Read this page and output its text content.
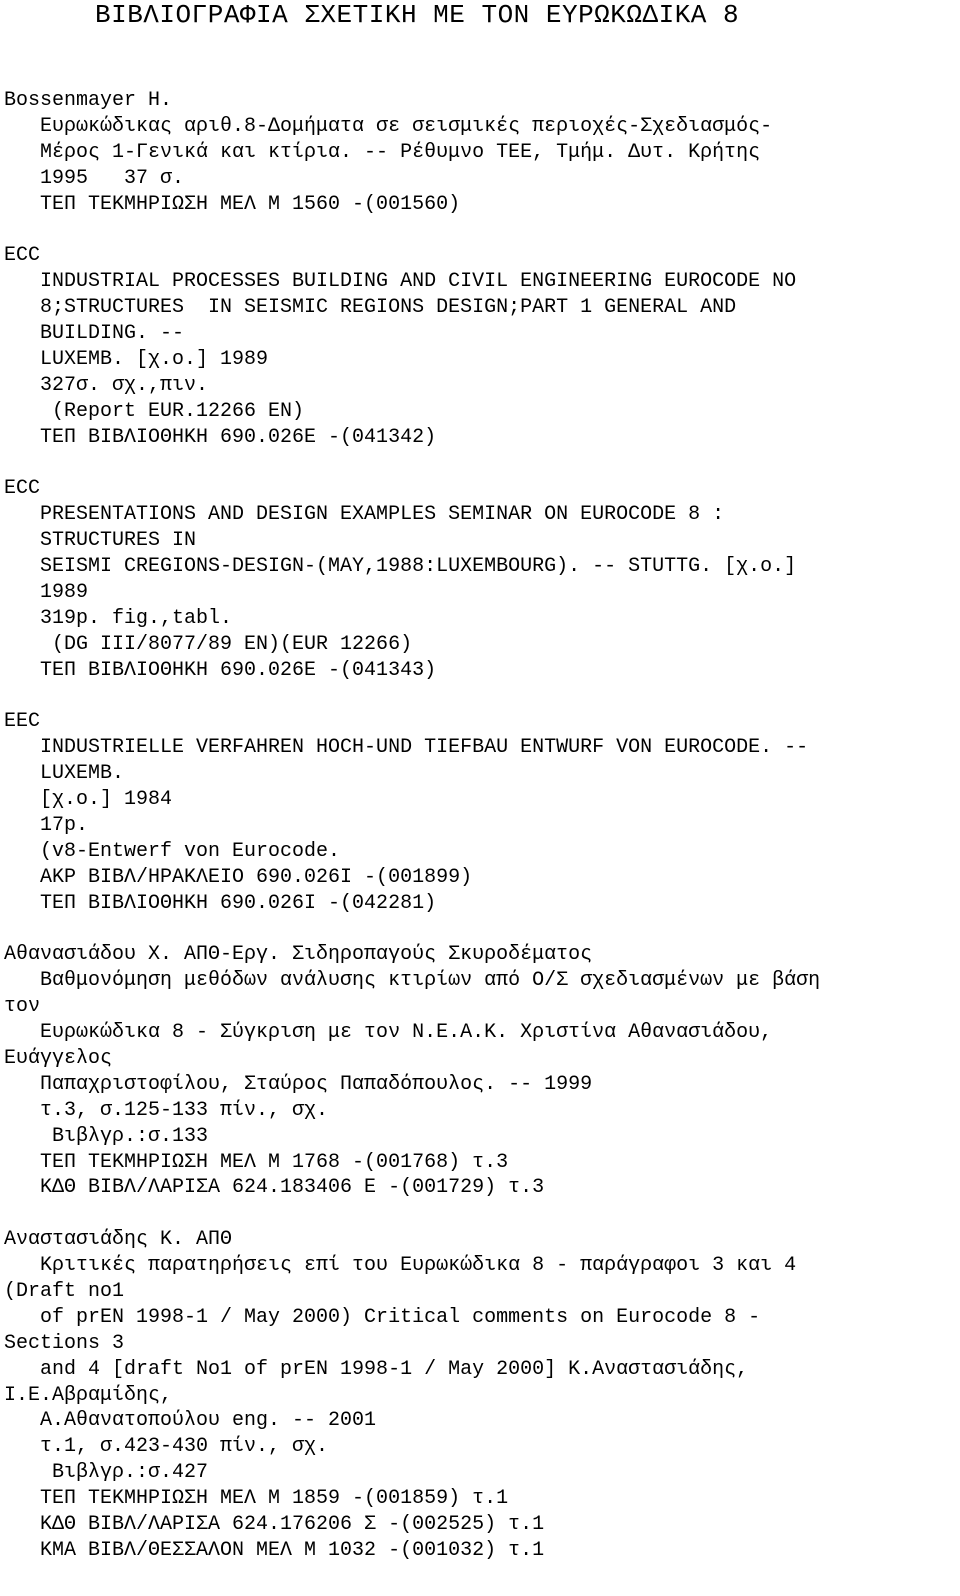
ΒΙΒΛΙΟΓΡΑΦΙΑ ΣΧΕΤΙΚΗ ΜΕ ΤΟΝ ΕΥΡΩΚΩΔΙΚΑ 8
Bossenmayer H.
Ευρωκώδικας αριθ.8-Δομήματα σε σεισμικές περιοχές-Σχεδιασμός-
Μέρος 1-Γενικά και κτίρια. -- Ρέθυμνο ΤΕΕ, Τμήμ. Δυτ. Κρήτης
1995   37 σ.
ΤΕΠ ΤΕΚΜΗΡΙΩΣΗ ΜΕΛ Μ 1560 -(001560)
ECC
INDUSTRIAL PROCESSES BUILDING AND CIVIL ENGINEERING EUROCODE NO
8;STRUCTURES  IN SEISMIC REGIONS DESIGN;PART 1 GENERAL AND
BUILDING. --
LUXEMB. [χ.ο.] 1989
327σ. σχ.,πιν.
(Report EUR.12266 EN)
ΤΕΠ ΒΙΒΛΙΟΘΗΚΗ 690.026Ε -(041342)
ECC
PRESENTATIONS AND DESIGN EXAMPLES SEMINAR ON EUROCODE 8 :
STRUCTURES IN
SEISMI CREGIONS-DESIGN-(MAY,1988:LUXEMBOURG). -- STUTTG. [χ.ο.]
1989
319p. fig.,tabl.
(DG III/8077/89 EN)(EUR 12266)
ΤΕΠ ΒΙΒΛΙΟΘΗΚΗ 690.026Ε -(041343)
EEC
INDUSTRIELLE VERFAHREN HOCH-UND TIEFBAU ENTWURF VON EUROCODE. --
LUXEMB.
[χ.ο.] 1984
17p.
(v8-Entwerf von Eurocode.
ΑΚΡ ΒΙΒΛ/ΗΡΑΚΛΕΙΟ 690.026Ι -(001899)
ΤΕΠ ΒΙΒΛΙΟΘΗΚΗ 690.026Ι -(042281)
Αθανασιάδου Χ. ΑΠΘ-Εργ. Σιδηροπαγούς Σκυροδέματος
Βαθμονόμηση μεθόδων ανάλυσης κτιρίων από Ο/Σ σχεδιασμένων με βάση
τον
Ευρωκώδικα 8 - Σύγκριση με τον Ν.Ε.Α.Κ. Χριστίνα Αθανασιάδου,
Ευάγγελος
Παπαχριστοφίλου, Σταύρος Παπαδόπουλος. -- 1999
τ.3, σ.125-133 πίν., σχ.
Βιβλγρ.:σ.133
ΤΕΠ ΤΕΚΜΗΡΙΩΣΗ ΜΕΛ Μ 1768 -(001768) τ.3
ΚΔΘ ΒΙΒΛ/ΛΑΡΙΣΑ 624.183406 Ε -(001729) τ.3
Αναστασιάδης Κ. ΑΠΘ
Κριτικές παρατηρήσεις επί του Ευρωκώδικα 8 - παράγραφοι 3 και 4
(Draft no1
of prEN 1998-1 / May 2000) Critical comments on Eurocode 8 -
Sections 3
and 4 [draft No1 of prEN 1998-1 / May 2000] Κ.Αναστασιάδης,
Ι.Ε.Αβραμίδης,
Α.Αθανατοπούλου eng. -- 2001
τ.1, σ.423-430 πίν., σχ.
Βιβλγρ.:σ.427
ΤΕΠ ΤΕΚΜΗΡΙΩΣΗ ΜΕΛ Μ 1859 -(001859) τ.1
ΚΔΘ ΒΙΒΛ/ΛΑΡΙΣΑ 624.176206 Σ -(002525) τ.1
ΚΜΑ ΒΙΒΛ/ΘΕΣΣΑΛΟΝ ΜΕΛ Μ 1032 -(001032) τ.1
